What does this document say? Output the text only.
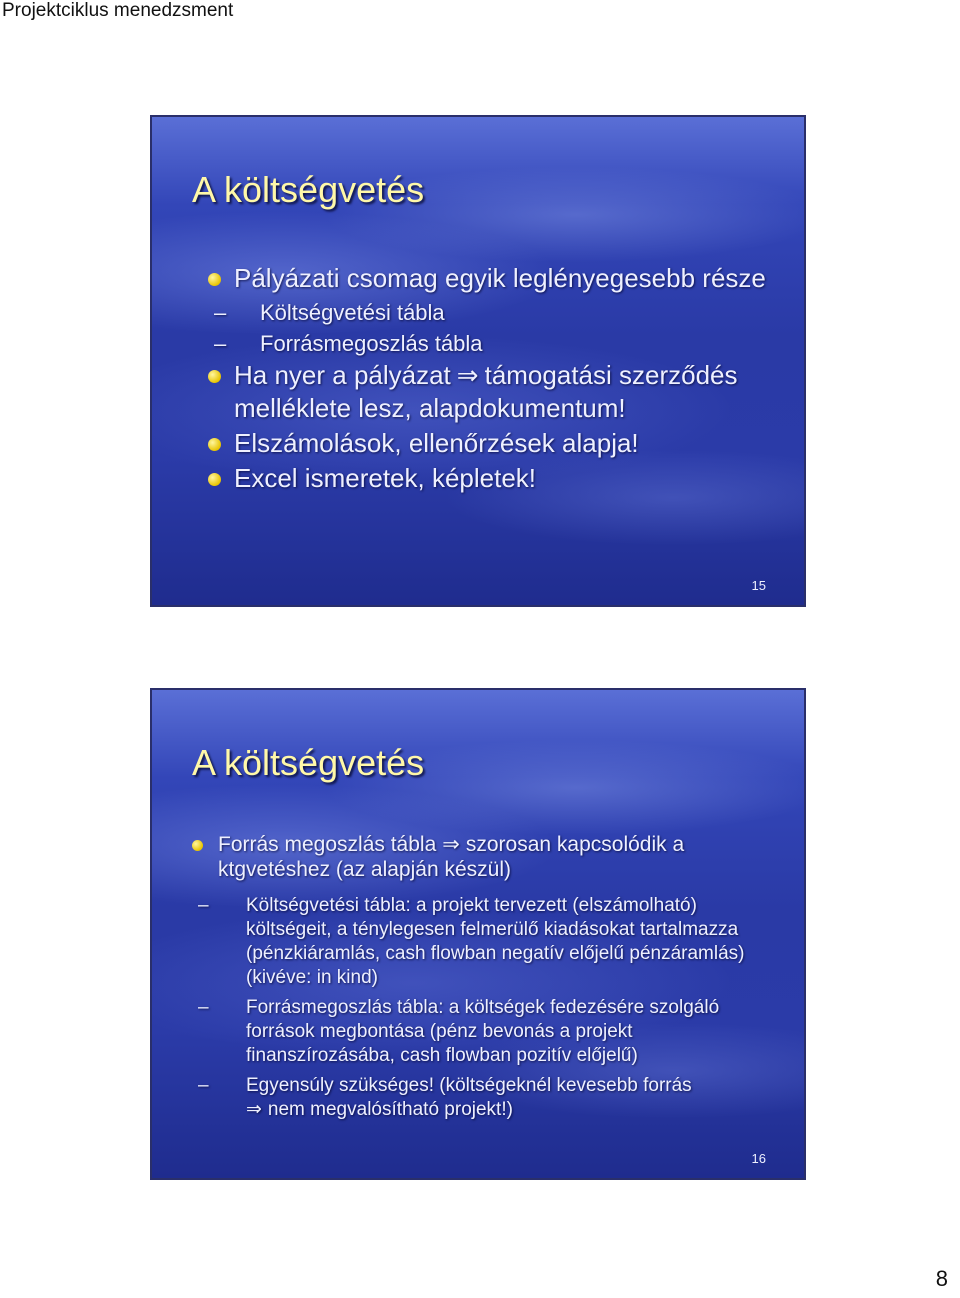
Projektciklus menedzsment
A költségvetés
Pályázati csomag egyik leglényegesebb része
– Költségvetési tábla
– Forrásmegoszlás tábla
Ha nyer a pályázat ⇒ támogatási szerződés melléklete lesz, alapdokumentum!
Elszámolások, ellenőrzések alapja!
Excel ismeretek, képletek!
15
A költségvetés
Forrás megoszlás tábla ⇒ szorosan kapcsolódik a ktgvetéshez (az alapján készül)
– Költségvetési tábla: a projekt tervezett (elszámolható) költségeit, a ténylegesen felmerülő kiadásokat tartalmazza (pénzkiáramlás, cash flowban negatív előjelű pénzáramlás) (kivéve: in kind)
– Forrásmegoszlás tábla: a költségek fedezésére szolgáló források megbontása (pénz bevonás a projekt finanszírozásába, cash flowban pozitív előjelű)
– Egyensúly szükséges! (költségeknél kevesebb forrás
⇒ nem megvalósítható projekt!)
16
8
